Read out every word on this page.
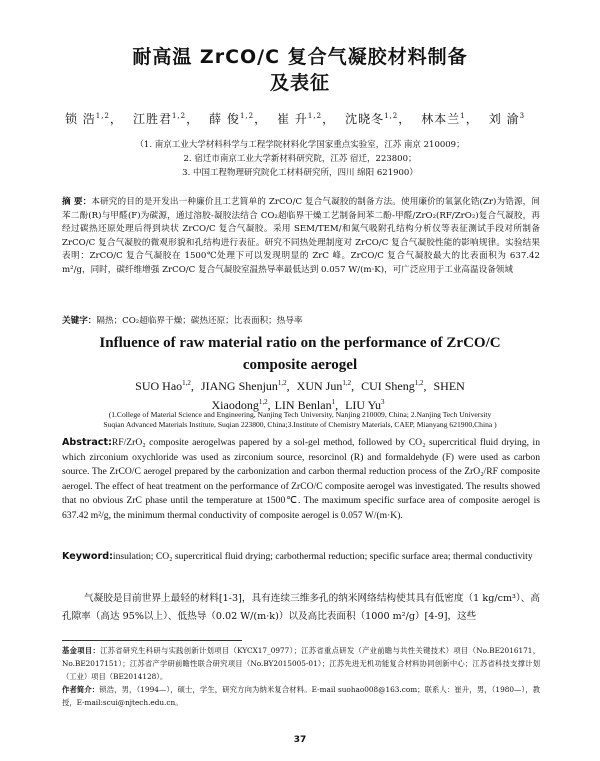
耐高温 ZrCO/C 复合气凝胶材料制备
及表征
锁 浩$^{1,2}$， 江胜君$^{1,2}$， 薛 俊$^{1,2}$， 崔 升$^{1,2}$， 沈晓冬$^{1,2}$， 林本兰$^1$， 刘 渝$^3$
（1. 南京工业大学材料科学与工程学院材料化学国家重点实验室，江苏 南京 210009；
2. 宿迁市南京工业大学新材料研究院，江苏 宿迁，223800；
3. 中国工程物理研究院化工材料研究所，四川 绵阳 621900）
摘 要：本研究的目的是开发出一种廉价且工艺简单的 ZrCO/C 复合气凝胶的制备方法。使用廉价的氧氯化锆(Zr)为锆源，间苯二酚(R)与甲醛(F)为碳源，通过溶胶-凝胶法结合 CO₂超临界干燥工艺制备间苯二酚-甲醛/ZrO₂(RF/ZrO₂)复合气凝胶，再经过碳热还原处理后得到块状 ZrCO/C 复合气凝胶。采用 SEM/TEM/和氮气吸附孔结构分析仪等表征测试手段对所制备 ZrCO/C 复合气凝胶的微观形貌和孔结构进行表征。研究不同热处理制度对 ZrCO/C 复合气凝胶性能的影响规律。实验结果表明：ZrCO/C 复合气凝胶在 1500℃处理下可以发现明显的 ZrC 峰。ZrCO/C 复合气凝胶最大的比表面积为 637.42 m²/g，同时，碳纤维增强 ZrCO/C 复合气凝胶室温热导率最低达到 0.057 W/(m·K)，可广泛应用于工业高温设备领域
关键字：隔热；CO₂超临界干燥；碳热还原；比表面积；热导率
Influence of raw material ratio on the performance of ZrCO/C
composite aerogel
SUO Hao$^{1,2}$, JIANG Shenjun$^{1,2}$, XUN Jun$^{1,2}$, CUI Sheng$^{1,2}$, SHEN Xiaodong$^{1,2}$, LIN Benlan$^1$, LIU Yu$^3$
(1.College of Material Science and Engineering, Nanjing Tech University, Nanjing 210009, China; 2.Nanjing Tech University
Suqian Advanced Materials Institute, Suqian 223800, China;3.Institute of Chemistry Materials, CAEP, Mianyang 621900,China )
Abstract:RF/ZrO₂ composite aerogelwas papered by a sol-gel method, followed by CO₂ supercritical fluid drying, in which zirconium oxychloride was used as zirconium source, resorcinol (R) and formaldehyde (F) were used as carbon source. The ZrCO/C aerogel prepared by the carbonization and carbon thermal reduction process of the ZrO₂/RF composite aerogel. The effect of heat treatment on the performance of ZrCO/C composite aerogel was investigated. The results showed that no obvious ZrC phase until the temperature at 1500℃. The maximum specific surface area of composite aerogel is 637.42 m²/g, the minimum thermal conductivity of composite aerogel is 0.057 W/(m·K).
Keyword:insulation; CO₂ supercritical fluid drying; carbothermal reduction; specific surface area; thermal conductivity
气凝胶是目前世界上最轻的材料[1-3]，具有连续三维多孔的纳米网络结构使其具有低密度（1 kg/cm³）、高孔隙率（高达 95%以上）、低热导（0.02 W/(m·k)）以及高比表面积（1000 m²/g）[4-9]，这些
基金项目：江苏省研究生科研与实践创新计划项目（KYCX17_0977）；江苏省重点研发（产业前瞻与共性关键技术）项目（No.BE2016171，No.BE2017151）；江苏省产学研前瞻性联合研究项目（No.BY2015005-01）；江苏先进无机功能复合材料协同创新中心；江苏省科技支撑计划（工业）项目（BE2014128）。
作者简介：锁浩，男，（1994—），硕士，学生，研究方向为纳米复合材料。E-mail suohao008@163.com；联系人：崔升，男，（1980—），教授，E-mail:scui@njtech.edu.cn。
37
